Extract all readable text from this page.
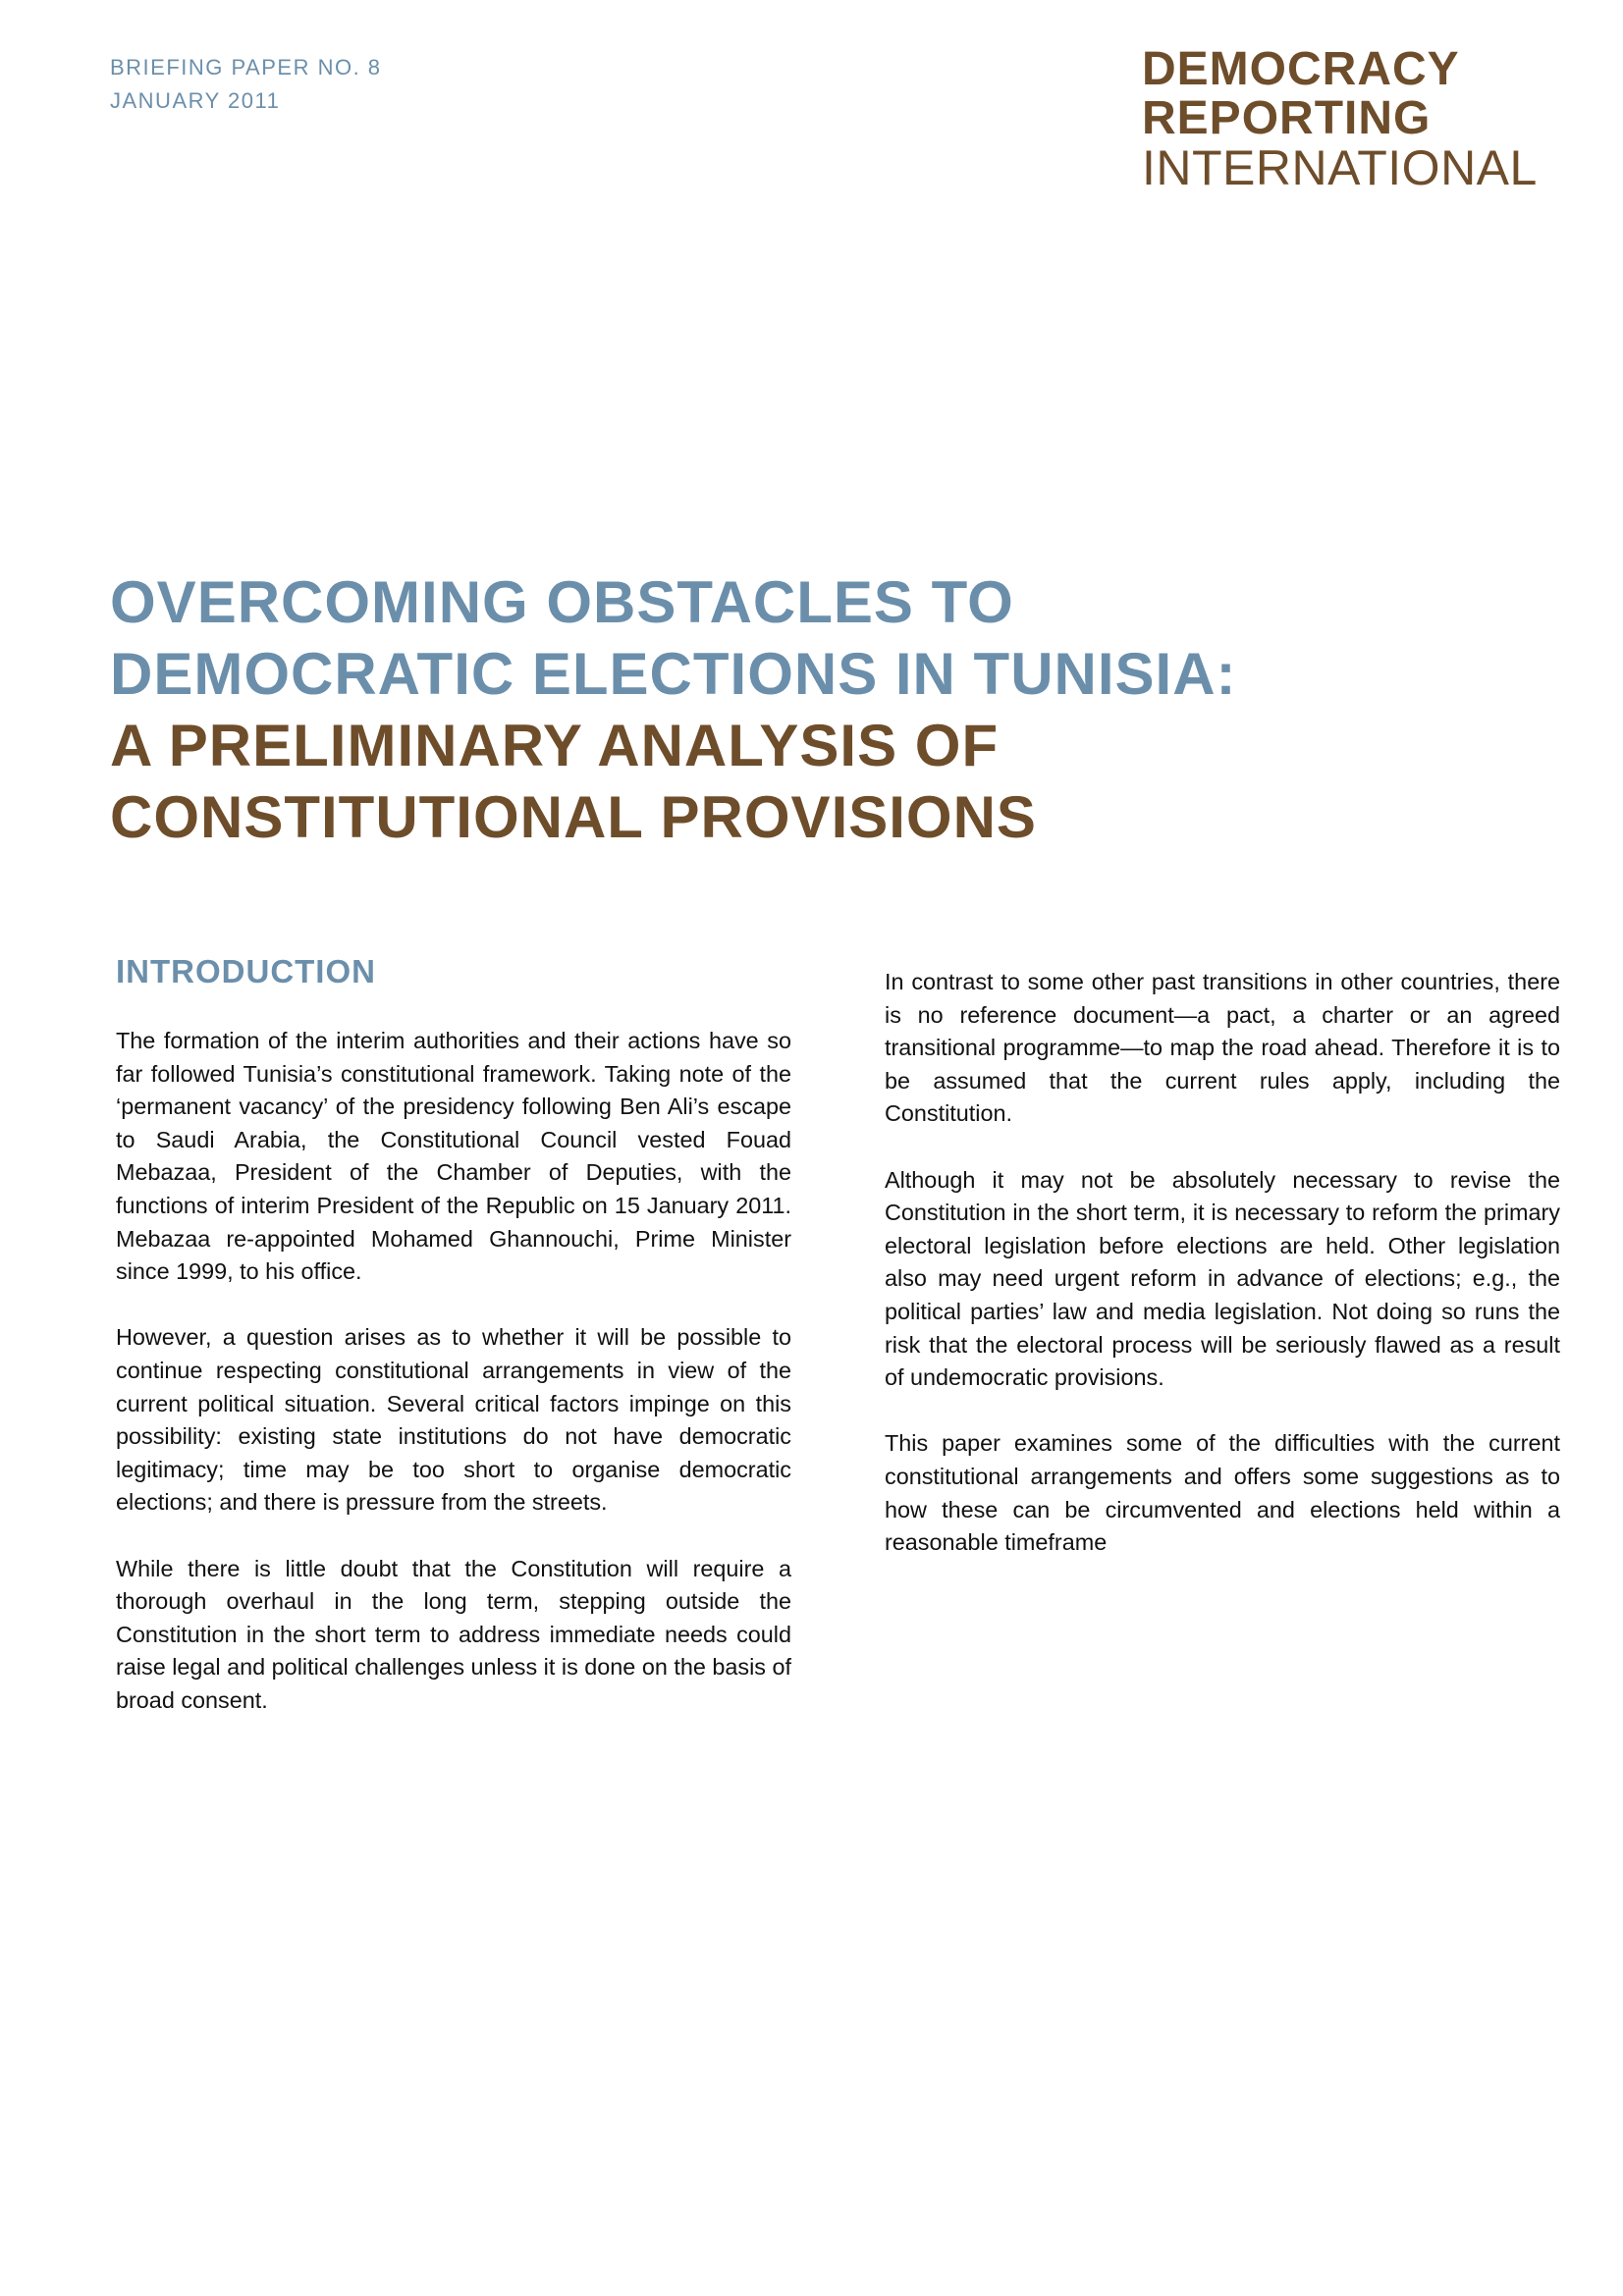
BRIEFING PAPER NO. 8
JANUARY 2011
DEMOCRACY
REPORTING
INTERNATIONAL
OVERCOMING OBSTACLES TO
DEMOCRATIC ELECTIONS IN TUNISIA:
A PRELIMINARY ANALYSIS OF
CONSTITUTIONAL PROVISIONS
INTRODUCTION

The formation of the interim authorities and their actions have so far followed Tunisia’s constitutional framework. Taking note of the ‘permanent vacancy’ of the presidency following Ben Ali’s escape to Saudi Arabia, the Constitutional Council vested Fouad Mebazaa, President of the Chamber of Deputies, with the functions of interim President of the Republic on 15 January 2011. Mebazaa re-appointed Mohamed Ghannouchi, Prime Minister since 1999, to his office.

However, a question arises as to whether it will be possible to continue respecting constitutional arrangements in view of the current political situation. Several critical factors impinge on this possibility: existing state institutions do not have democratic legitimacy; time may be too short to organise democratic elections; and there is pressure from the streets.

While there is little doubt that the Constitution will require a thorough overhaul in the long term, stepping outside the Constitution in the short term to address immediate needs could raise legal and political challenges unless it is done on the basis of broad consent.

In contrast to some other past transitions in other countries, there is no reference document—a pact, a charter or an agreed transitional programme—to map the road ahead. Therefore it is to be assumed that the current rules apply, including the Constitution.

Although it may not be absolutely necessary to revise the Constitution in the short term, it is necessary to reform the primary electoral legislation before elections are held. Other legislation also may need urgent reform in advance of elections; e.g., the political parties’ law and media legislation. Not doing so runs the risk that the electoral process will be seriously flawed as a result of undemocratic provisions.

This paper examines some of the difficulties with the current constitutional arrangements and offers some suggestions as to how these can be circumvented and elections held within a reasonable timeframe
